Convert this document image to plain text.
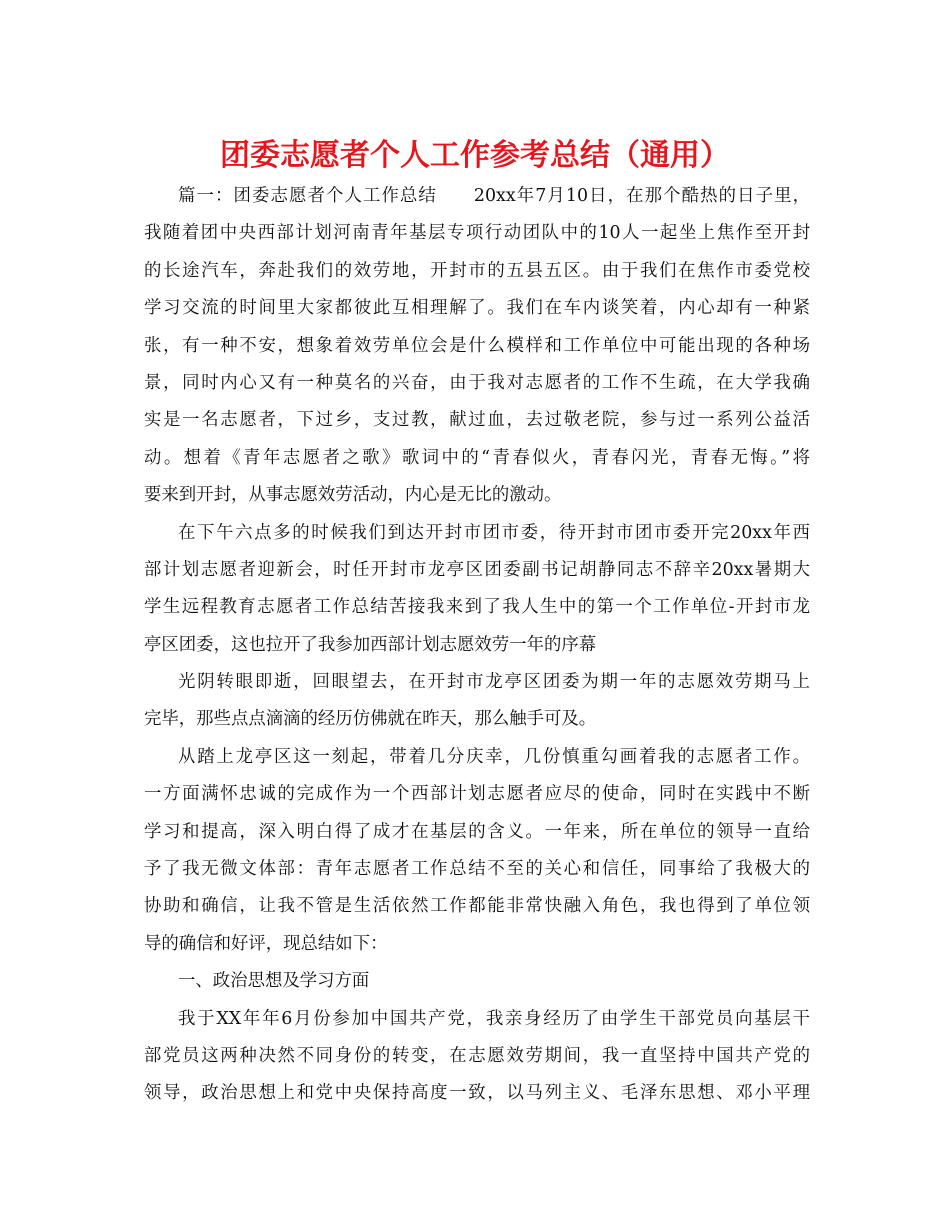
团委志愿者个人工作参考总结（通用）
篇一：团委志愿者个人工作总结　　20xx年7月10日，在那个酷热的日子里，
我随着团中央西部计划河南青年基层专项行动团队中的10人一起坐上焦作至开封
的长途汽车，奔赴我们的效劳地，开封市的五县五区。由于我们在焦作市委党校
学习交流的时间里大家都彼此互相理解了。我们在车内谈笑着，内心却有一种紧
张，有一种不安，想象着效劳单位会是什么模样和工作单位中可能出现的各种场
景，同时内心又有一种莫名的兴奋，由于我对志愿者的工作不生疏，在大学我确
实是一名志愿者，下过乡，支过教，献过血，去过敬老院，参与过一系列公益活
动。想着《青年志愿者之歌》歌词中的“青春似火，青春闪光，青春无悔。”将
要来到开封，从事志愿效劳活动，内心是无比的激动。
在下午六点多的时候我们到达开封市团市委，待开封市团市委开完20xx年西
部计划志愿者迎新会，时任开封市龙亭区团委副书记胡静同志不辞辛20xx暑期大
学生远程教育志愿者工作总结苦接我来到了我人生中的第一个工作单位-开封市龙
亭区团委，这也拉开了我参加西部计划志愿效劳一年的序幕
光阴转眼即逝，回眼望去，在开封市龙亭区团委为期一年的志愿效劳期马上
完毕，那些点点滴滴的经历仿佛就在昨天，那么触手可及。
从踏上龙亭区这一刻起，带着几分庆幸，几份慎重勾画着我的志愿者工作。
一方面满怀忠诚的完成作为一个西部计划志愿者应尽的使命，同时在实践中不断
学习和提高，深入明白得了成才在基层的含义。一年来，所在单位的领导一直给
予了我无微文体部：青年志愿者工作总结不至的关心和信任，同事给了我极大的
协助和确信，让我不管是生活依然工作都能非常快融入角色，我也得到了单位领
导的确信和好评，现总结如下：
一、政治思想及学习方面
我于XX年年6月份参加中国共产党，我亲身经历了由学生干部党员向基层干
部党员这两种决然不同身份的转变，在志愿效劳期间，我一直坚持中国共产党的
领导，政治思想上和党中央保持高度一致，以马列主义、毛泽东思想、邓小平理
